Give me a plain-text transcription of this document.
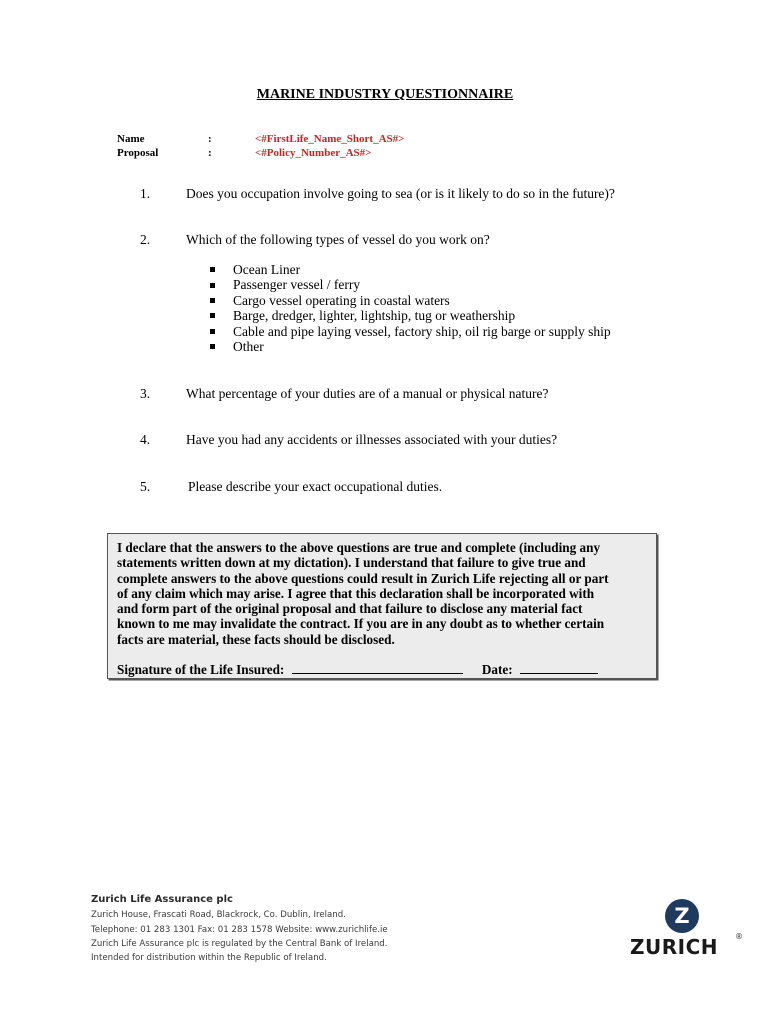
MARINE INDUSTRY QUESTIONNAIRE
Name	:	<#FirstLife_Name_Short_AS#>
Proposal	:	<#Policy_Number_AS#>
1.	Does you occupation involve going to sea (or is it likely to do so in the future)?
2.	Which of the following types of vessel do you work on?
Ocean Liner
Passenger vessel / ferry
Cargo vessel operating in coastal waters
Barge, dredger, lighter, lightship, tug or weathership
Cable and pipe laying vessel, factory ship, oil rig barge or supply ship
Other
3.	What percentage of your duties are of a manual or physical nature?
4.	Have you had any accidents or illnesses associated with your duties?
5.	Please describe your exact occupational duties.
I declare that the answers to the above questions are true and complete (including any
statements written down at my dictation). I understand that failure to give true and
complete answers to the above questions could result in Zurich Life rejecting all or part
of any claim which may arise. I agree that this declaration shall be incorporated with
and form part of the original proposal and that failure to disclose any material fact
known to me may invalidate the contract. If you are in any doubt as to whether certain
facts are material, these facts should be disclosed.
Signature of the Life Insured:	Date:
Zurich Life Assurance plc
Zurich House, Frascati Road, Blackrock, Co. Dublin, Ireland.
Telephone: 01 283 1301 Fax: 01 283 1578 Website: www.zurichlife.ie
Zurich Life Assurance plc is regulated by the Central Bank of Ireland.
Intended for distribution within the Republic of Ireland.
Z
ZURICH ®
